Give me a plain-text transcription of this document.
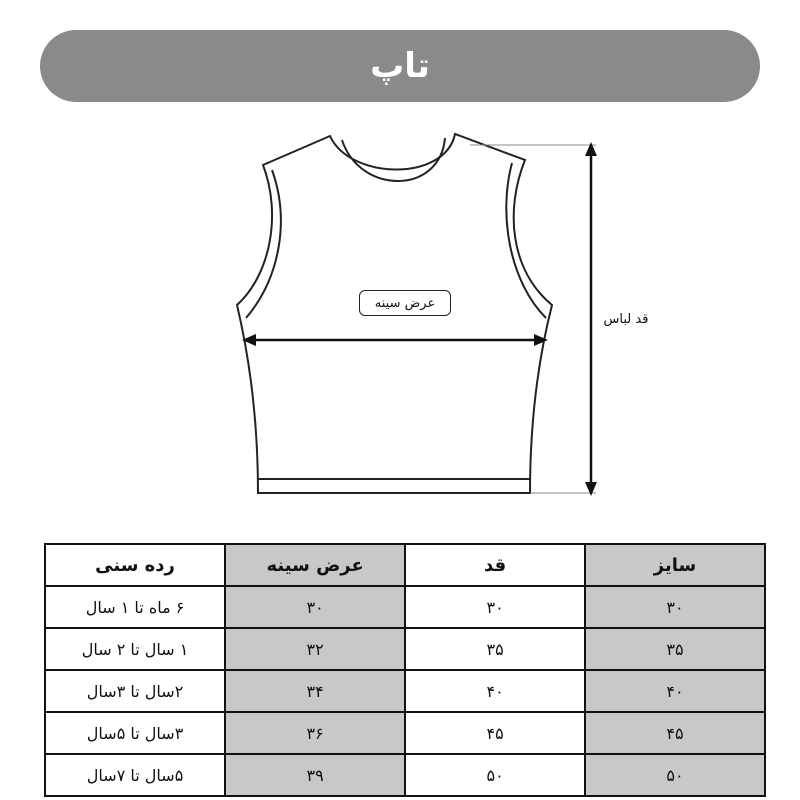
تاپ
عرض سینه
قد لباس
سایز	قد	عرض سینه	رده سنی
۳۰	۳۰	۳۰	۶ ماه تا ۱ سال
۳۵	۳۵	۳۲	۱ سال تا ۲ سال
۴۰	۴۰	۳۴	۲سال تا ۳سال
۴۵	۴۵	۳۶	۳سال تا ۵سال
۵۰	۵۰	۳۹	۵سال تا ۷سال
